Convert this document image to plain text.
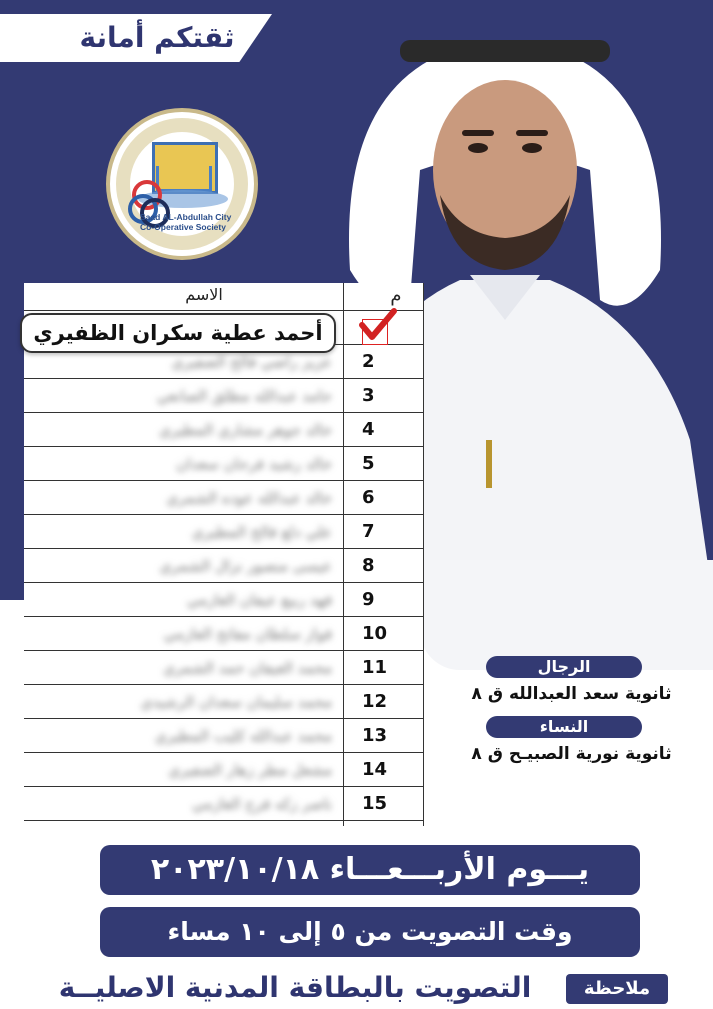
ثقتكم أمانة
Saad AL-Abdullah City Co-Operative Society
الاسم	م
2
عزيز راضي فالح الضفيري
3
حامد عبدالله مطلق الصانعي
4
خالد جوهر مشاري المطيري
5
خالد رشيد فرحان سعدان
6
خالد عبدالله عوده الشمري
7
علي دلع فالح المطيري
8
عيسى منصور نزال الشمري
9
فهد ربيع عيفان العازمي
10
فواز سلطان مفاتح العازمي
11
محمد العيفان حمد الشمري
12
محمد سليمان سعدان الرشيدي
13
محمد عبدالله كليب المطيري
14
مشعل مطر زهار الضفيري
15
ناصر زكه فرج العازمي
أحمد عطية سكران الظفيري
الرجال
ثانوية سعد العبدالله ق ٨
النساء
ثانوية نورية الصبيـح ق ٨
يـــوم الأربـــعـــاء ٢٠٢٣/١٠/١٨
وقت التصويت من ٥ إلى ١٠ مساء
ملاحظة
التصويت بالبطاقة المدنية الاصليــة
